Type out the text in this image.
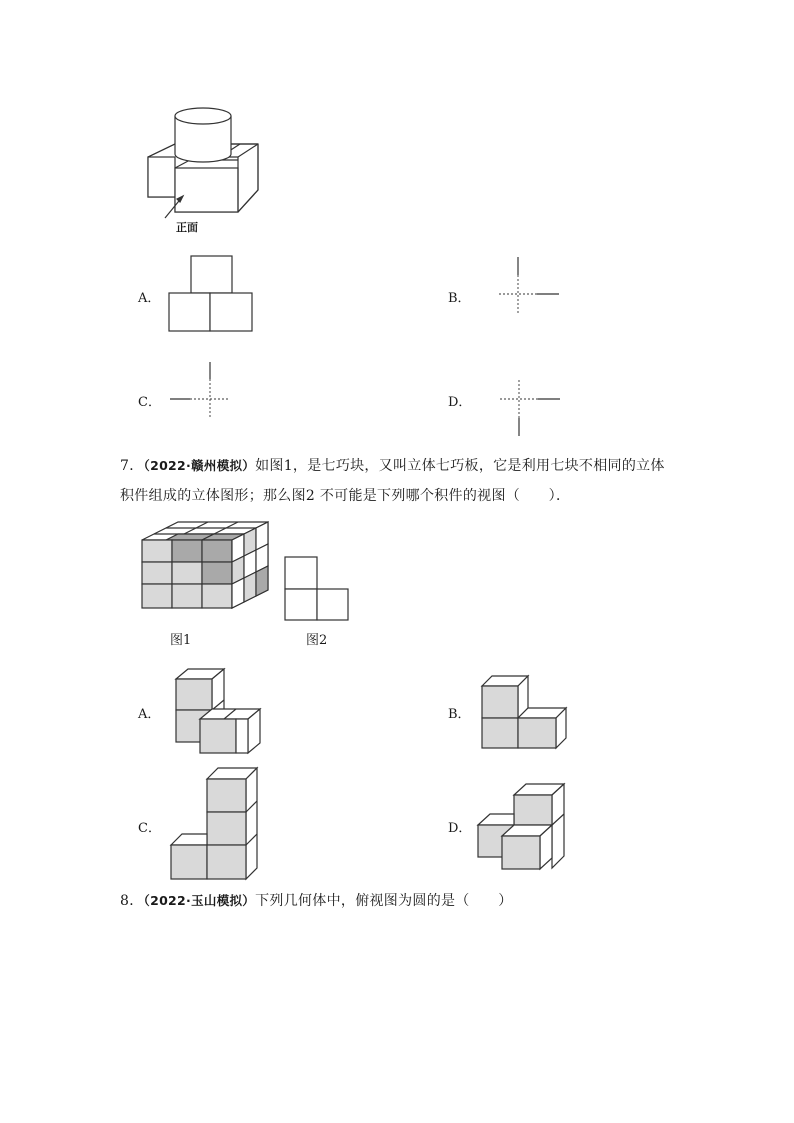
正面
A．	B．
C．	D．
7．（2022·赣州模拟）如图1，是七巧块，又叫立体七巧板，它是利用七块不相同的立体
积件组成的立体图形；那么图2 不可能是下列哪个积件的视图（　　）．
图1	图2
A．	B．
C．	D．
8．（2022·玉山模拟）下列几何体中，俯视图为圆的是（　　）
